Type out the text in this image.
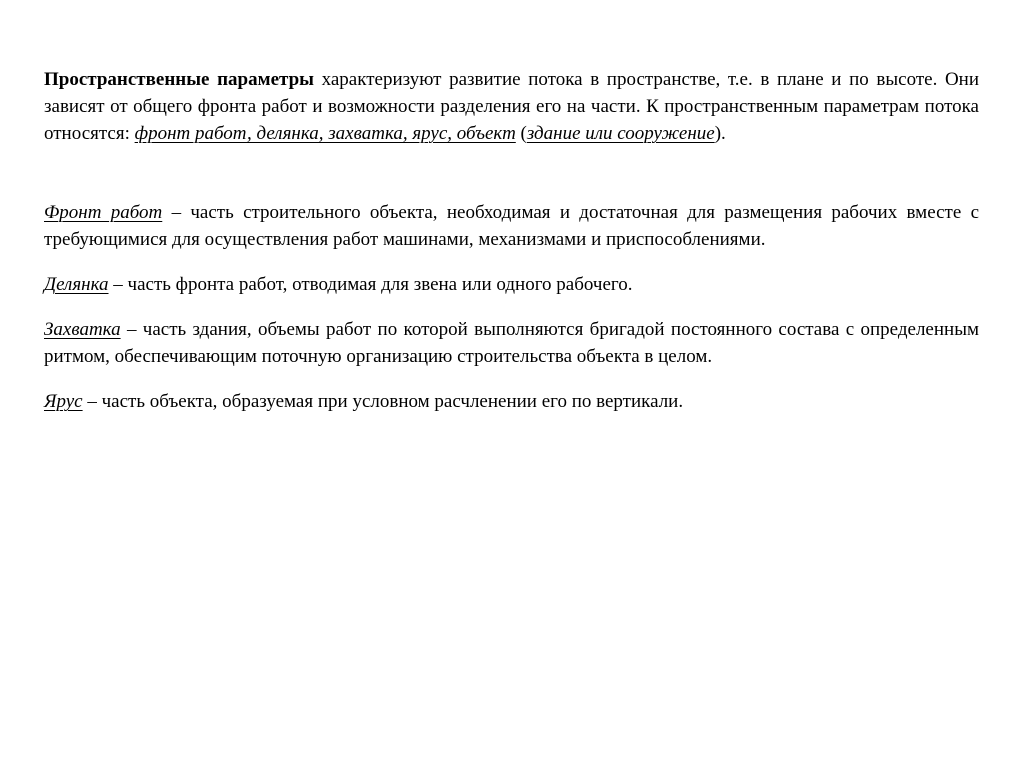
Пространственные параметры характеризуют развитие потока в пространстве, т.е. в плане и по высоте. Они зависят от общего фронта работ и возможности разделения его на части. К пространственным параметрам потока относятся: фронт работ, делянка, захватка, ярус, объект (здание или сооружение).

Фронт работ – часть строительного объекта, необходимая и достаточная для размещения рабочих вместе с требующимися для осуществления работ машинами, механизмами и приспособлениями.

Делянка – часть фронта работ, отводимая для звена или одного рабочего.

Захватка – часть здания, объемы работ по которой выполняются бригадой постоянного состава с определенным ритмом, обеспечивающим поточную организацию строительства объекта в целом.

Ярус – часть объекта, образуемая при условном расчленении его по вертикали.
